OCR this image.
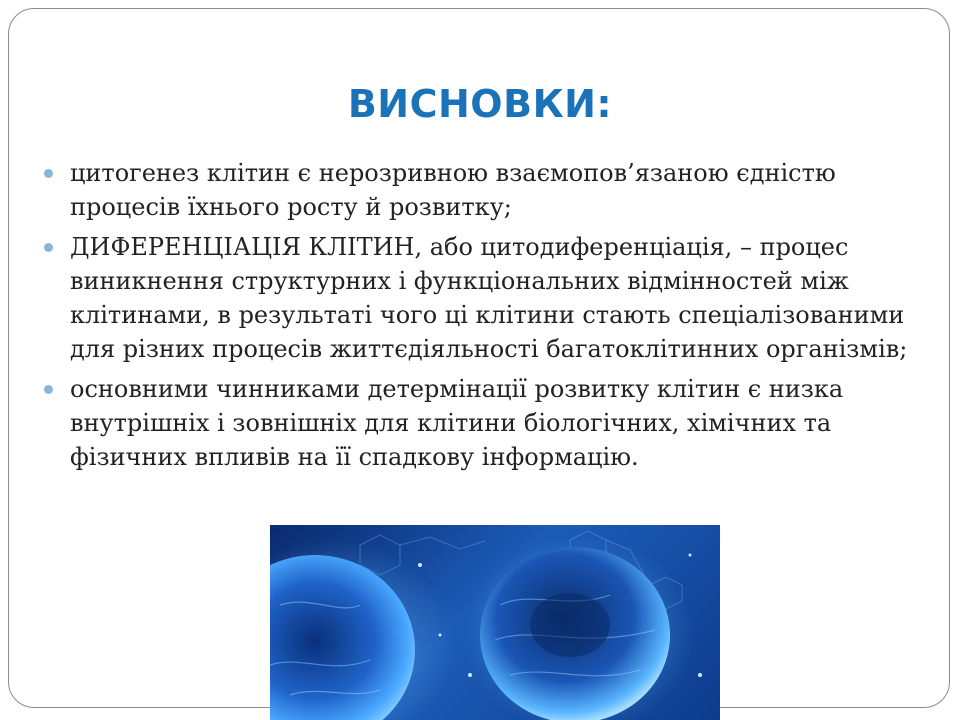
ВИСНОВКИ:
цитогенез клітин є нерозривною взаємопов’язаною єдністю процесів їхнього росту й розвитку;
ДИФЕРЕНЦІАЦІЯ КЛІТИН, або цитодиференціація, – процес виникнення структурних і функціональних відмінностей між клітинами, в результаті чого ці клітини стають спеціалізованими для різних процесів життєдіяльності багатоклітинних організмів;
основними чинниками детермінації розвитку клітин є низка внутрішніх і зовнішніх для клітини біологічних, хімічних та фізичних впливів на її спадкову інформацію.
